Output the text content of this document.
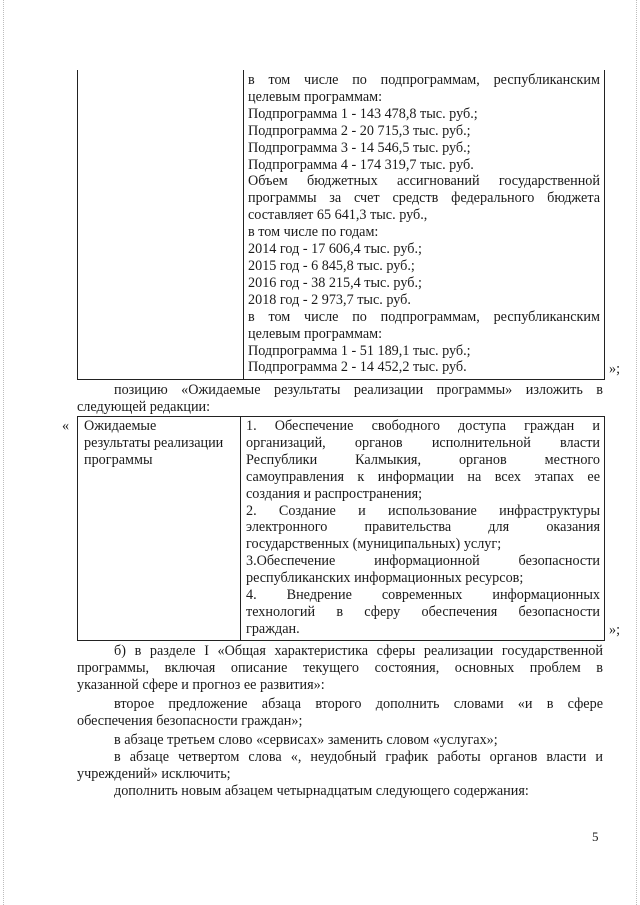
в том числе по подпрограммам, республиканским
целевым программам:
Подпрограмма 1 - 143 478,8 тыс. руб.;
Подпрограмма 2 - 20 715,3 тыс. руб.;
Подпрограмма 3 - 14 546,5 тыс. руб.;
Подпрограмма 4 - 174 319,7 тыс. руб.
Объем бюджетных ассигнований государственной
программы за счет средств федерального бюджета
составляет 65 641,3 тыс. руб.,
в том числе по годам:
2014 год - 17 606,4 тыс. руб.;
2015 год - 6 845,8 тыс. руб.;
2016 год - 38 215,4 тыс. руб.;
2018 год - 2 973,7 тыс. руб.
в том числе по подпрограммам, республиканским
целевым программам:
Подпрограмма 1 - 51 189,1 тыс. руб.;
Подпрограмма 2 - 14 452,2 тыс. руб.	»;
позицию «Ожидаемые результаты реализации программы» изложить в
следующей редакции:
« Ожидаемые
результаты реализации
программы
1. Обеспечение свободного доступа граждан и
организаций, органов исполнительной власти
Республики Калмыкия, органов местного
самоуправления к информации на всех этапах ее
создания и распространения;
2. Создание и использование инфраструктуры
электронного правительства для оказания
государственных (муниципальных) услуг;
3.Обеспечение информационной безопасности
республиканских информационных ресурсов;
4. Внедрение современных информационных
технологий в сферу обеспечения безопасности
граждан.	»;
б) в разделе I «Общая характеристика сферы реализации государственной
программы, включая описание текущего состояния, основных проблем в
указанной сфере и прогноз ее развития»:
второе предложение абзаца второго дополнить словами «и в сфере
обеспечения безопасности граждан»;
в абзаце третьем слово «сервисах» заменить словом «услугах»;
в абзаце четвертом слова «, неудобный график работы органов власти и
учреждений» исключить;
дополнить новым абзацем четырнадцатым следующего содержания:
5
